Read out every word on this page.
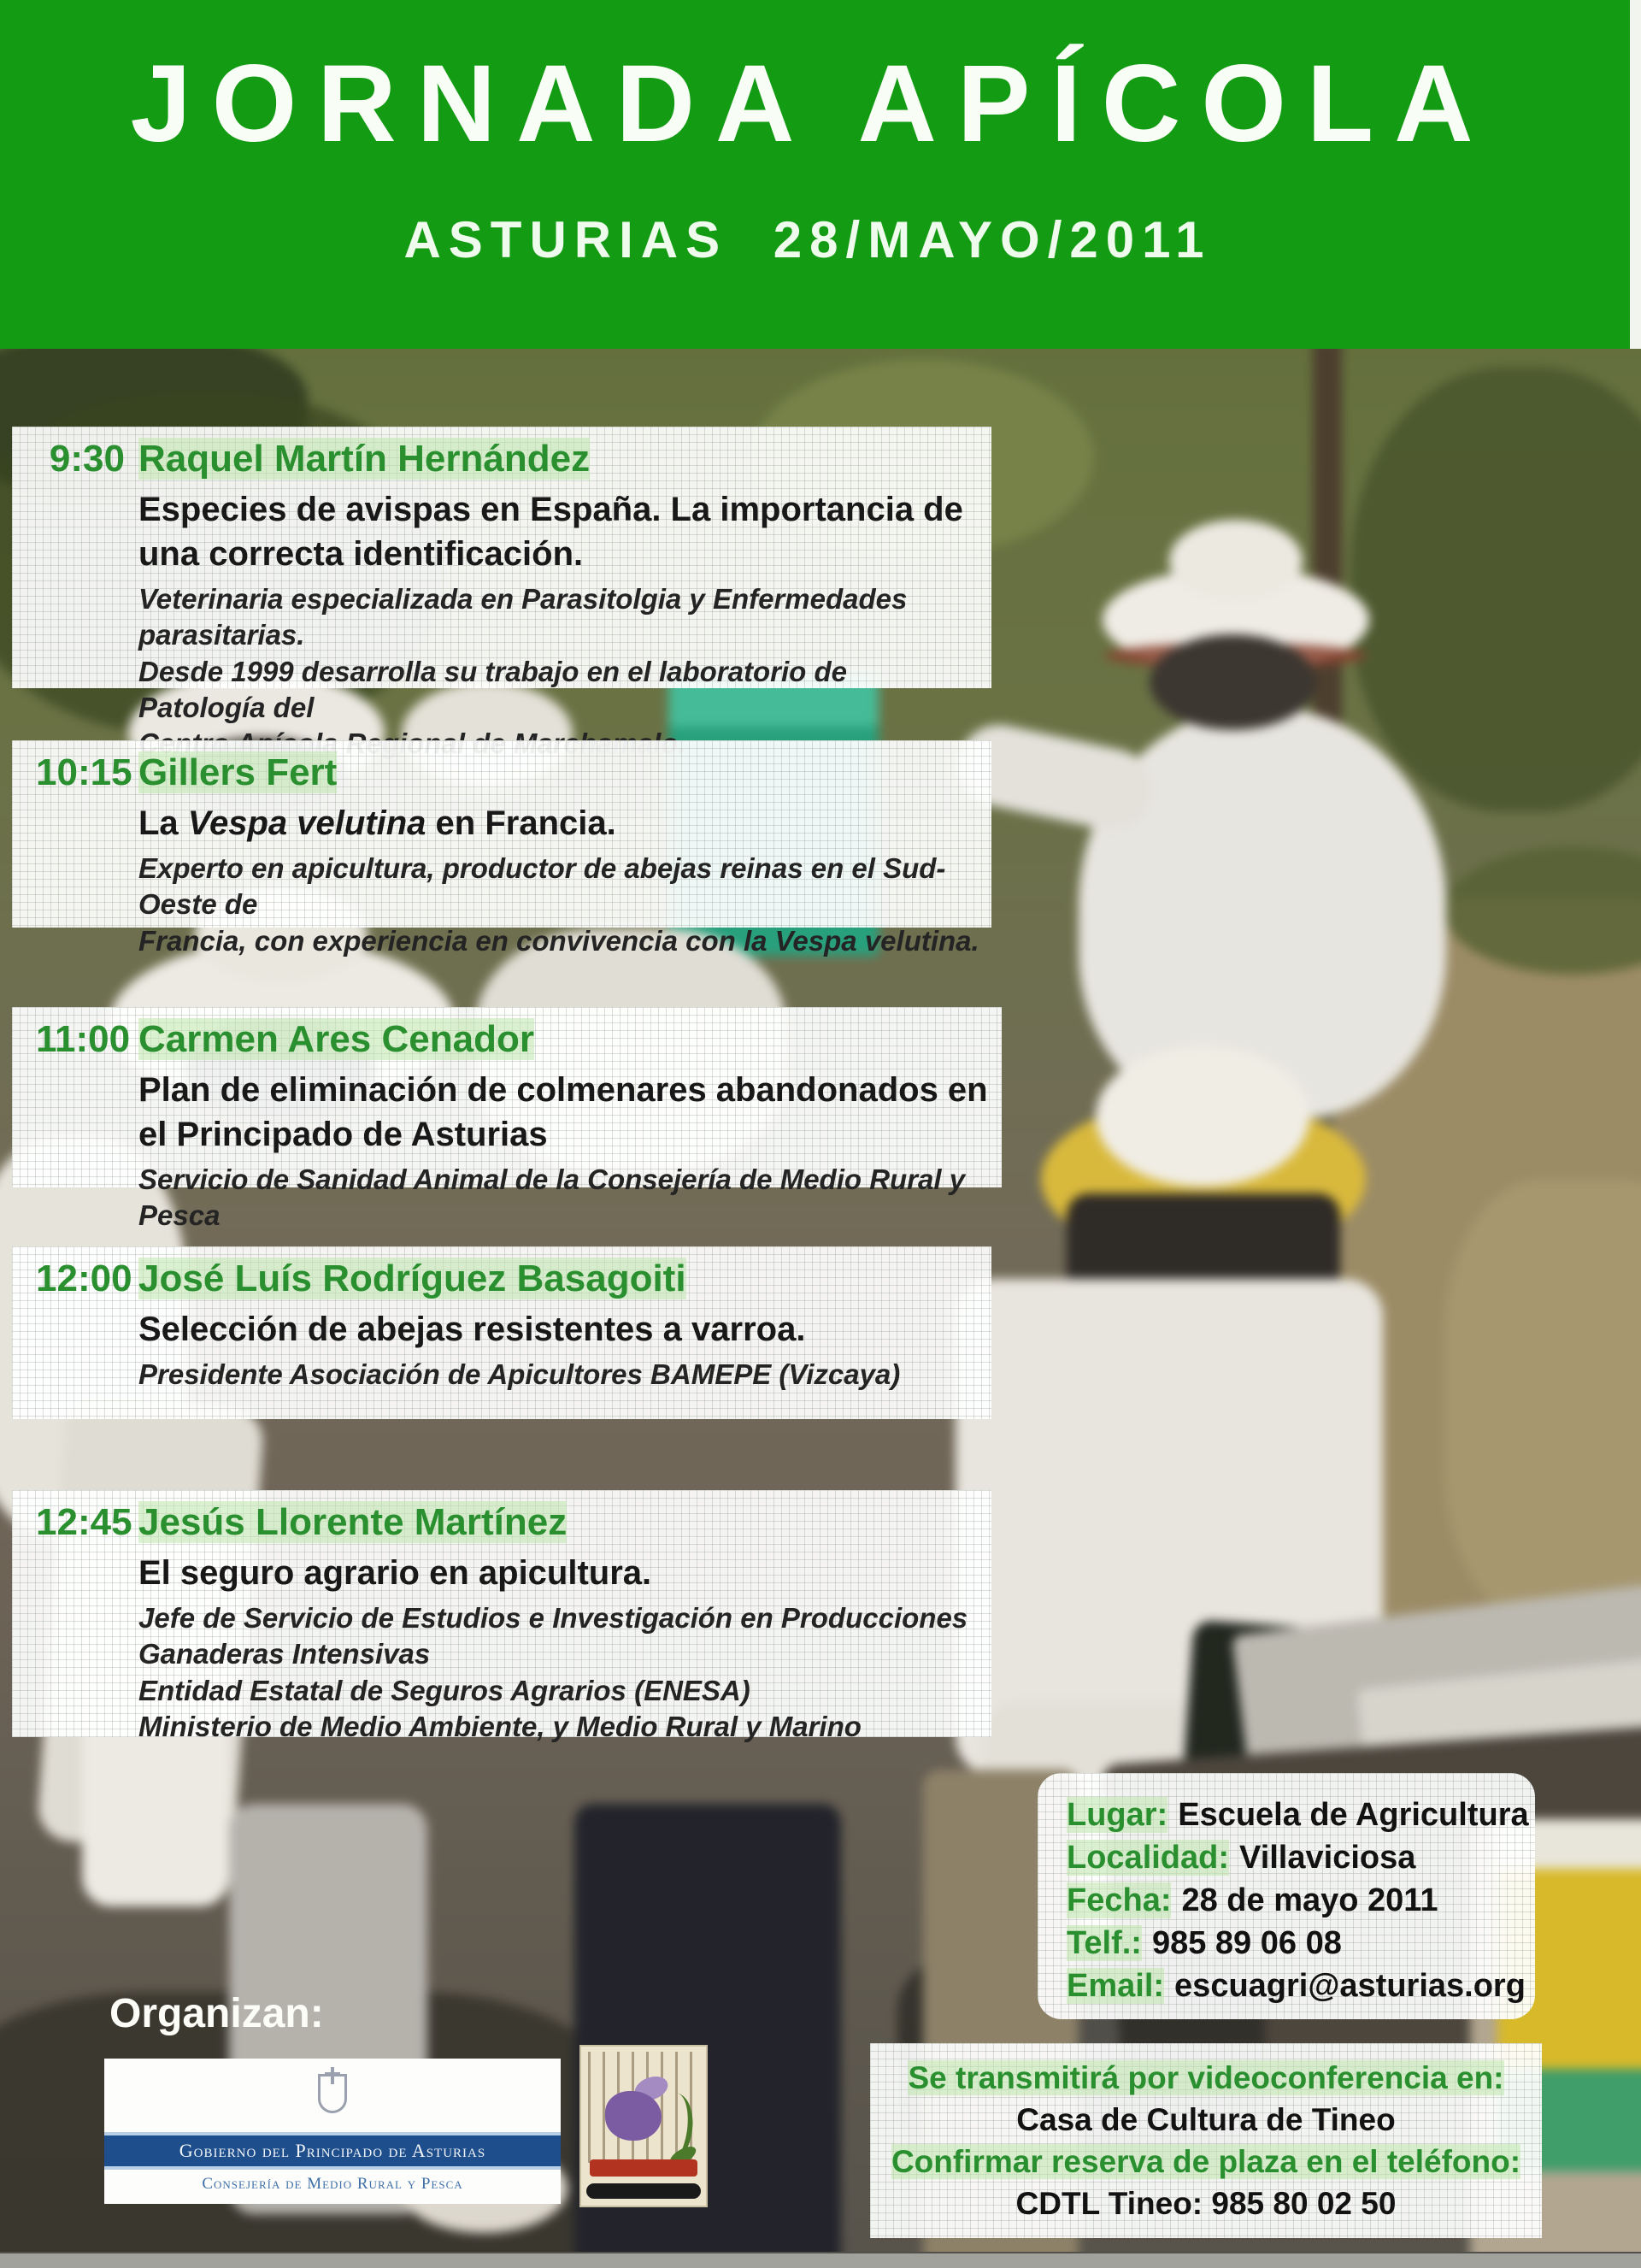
JORNADA APÍCOLA
ASTURIAS 28/MAYO/2011
9:30 Raquel Martín Hernández
Especies de avispas en España. La importancia de una correcta identificación.
Veterinaria especializada en Parasitolgia y Enfermedades parasitarias.
Desde 1999 desarrolla su trabajo en el laboratorio de Patología del
10:15 Gillers Fert
La Vespa velutina en Francia.
Experto en apicultura, productor de abejas reinas en el Sud-Oeste de
Francia, con experiencia en convivencia con la Vespa velutina.
11:00 Carmen Ares Cenador
Plan de eliminación de colmenares abandonados en el Principado de Asturias
Servicio de Sanidad Animal de la Consejería de Medio Rural y Pesca
12:00 José Luís Rodríguez Basagoiti
Selección de abejas resistentes a varroa.
Presidente Asociación de Apicultores BAMEPE (Vizcaya)
12:45 Jesús Llorente Martínez
El seguro agrario en apicultura.
Jefe de Servicio de Estudios e Investigación en Producciones
Ganaderas Intensivas
Entidad Estatal de Seguros Agrarios (ENESA)
Ministerio de Medio Ambiente, y Medio Rural y Marino
Lugar: Escuela de Agricultura
Localidad: Villaviciosa
Fecha: 28 de mayo 2011
Telf.: 985 89 06 08
Email: escuagri@asturias.org
Organizan:
Gobierno del Principado de Asturias
Consejería de Medio Rural y Pesca
Se transmitirá por videoconferencia en:
Casa de Cultura de Tineo
Confirmar reserva de plaza en el teléfono:
CDTL Tineo: 985 80 02 50
